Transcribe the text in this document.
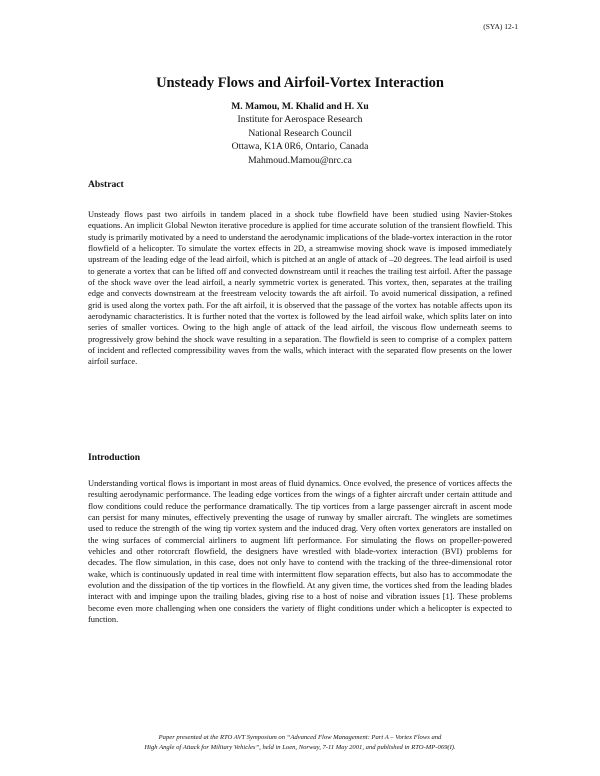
(SYA) 12-1
Unsteady Flows and Airfoil-Vortex Interaction
M. Mamou, M. Khalid and H. Xu
Institute for Aerospace Research
National Research Council
Ottawa, K1A 0R6, Ontario, Canada
Mahmoud.Mamou@nrc.ca
Abstract
Unsteady flows past two airfoils in tandem placed in a shock tube flowfield have been studied using Navier-Stokes equations. An implicit Global Newton iterative procedure is applied for time accurate solution of the transient flowfield. This study is primarily motivated by a need to understand the aerodynamic implications of the blade-vortex interaction in the rotor flowfield of a helicopter. To simulate the vortex effects in 2D, a streamwise moving shock wave is imposed immediately upstream of the leading edge of the lead airfoil, which is pitched at an angle of attack of –20 degrees. The lead airfoil is used to generate a vortex that can be lifted off and convected downstream until it reaches the trailing test airfoil. After the passage of the shock wave over the lead airfoil, a nearly symmetric vortex is generated. This vortex, then, separates at the trailing edge and convects downstream at the freestream velocity towards the aft airfoil. To avoid numerical dissipation, a refined grid is used along the vortex path. For the aft airfoil, it is observed that the passage of the vortex has notable affects upon its aerodynamic characteristics. It is further noted that the vortex is followed by the lead airfoil wake, which splits later on into series of smaller vortices. Owing to the high angle of attack of the lead airfoil, the viscous flow underneath seems to progressively grow behind the shock wave resulting in a separation. The flowfield is seen to comprise of a complex pattern of incident and reflected compressibility waves from the walls, which interact with the separated flow presents on the lower airfoil surface.
Introduction
Understanding vortical flows is important in most areas of fluid dynamics. Once evolved, the presence of vortices affects the resulting aerodynamic performance. The leading edge vortices from the wings of a fighter aircraft under certain attitude and flow conditions could reduce the performance dramatically. The tip vortices from a large passenger aircraft in ascent mode can persist for many minutes, effectively preventing the usage of runway by smaller aircraft. The winglets are sometimes used to reduce the strength of the wing tip vortex system and the induced drag. Very often vortex generators are installed on the wing surfaces of commercial airliners to augment lift performance. For simulating the flows on propeller-powered vehicles and other rotorcraft flowfield, the designers have wrestled with blade-vortex interaction (BVI) problems for decades. The flow simulation, in this case, does not only have to contend with the tracking of the three-dimensional rotor wake, which is continuously updated in real time with intermittent flow separation effects, but also has to accommodate the evolution and the dissipation of the tip vortices in the flowfield. At any given time, the vortices shed from the leading blades interact with and impinge upon the trailing blades, giving rise to a host of noise and vibration issues [1]. These problems become even more challenging when one considers the variety of flight conditions under which a helicopter is expected to function.
Paper presented at the RTO AVT Symposium on “Advanced Flow Management: Part A – Vortex Flows and
High Angle of Attack for Military Vehicles”, held in Loen, Norway, 7-11 May 2001, and published in RTO-MP-069(I).
